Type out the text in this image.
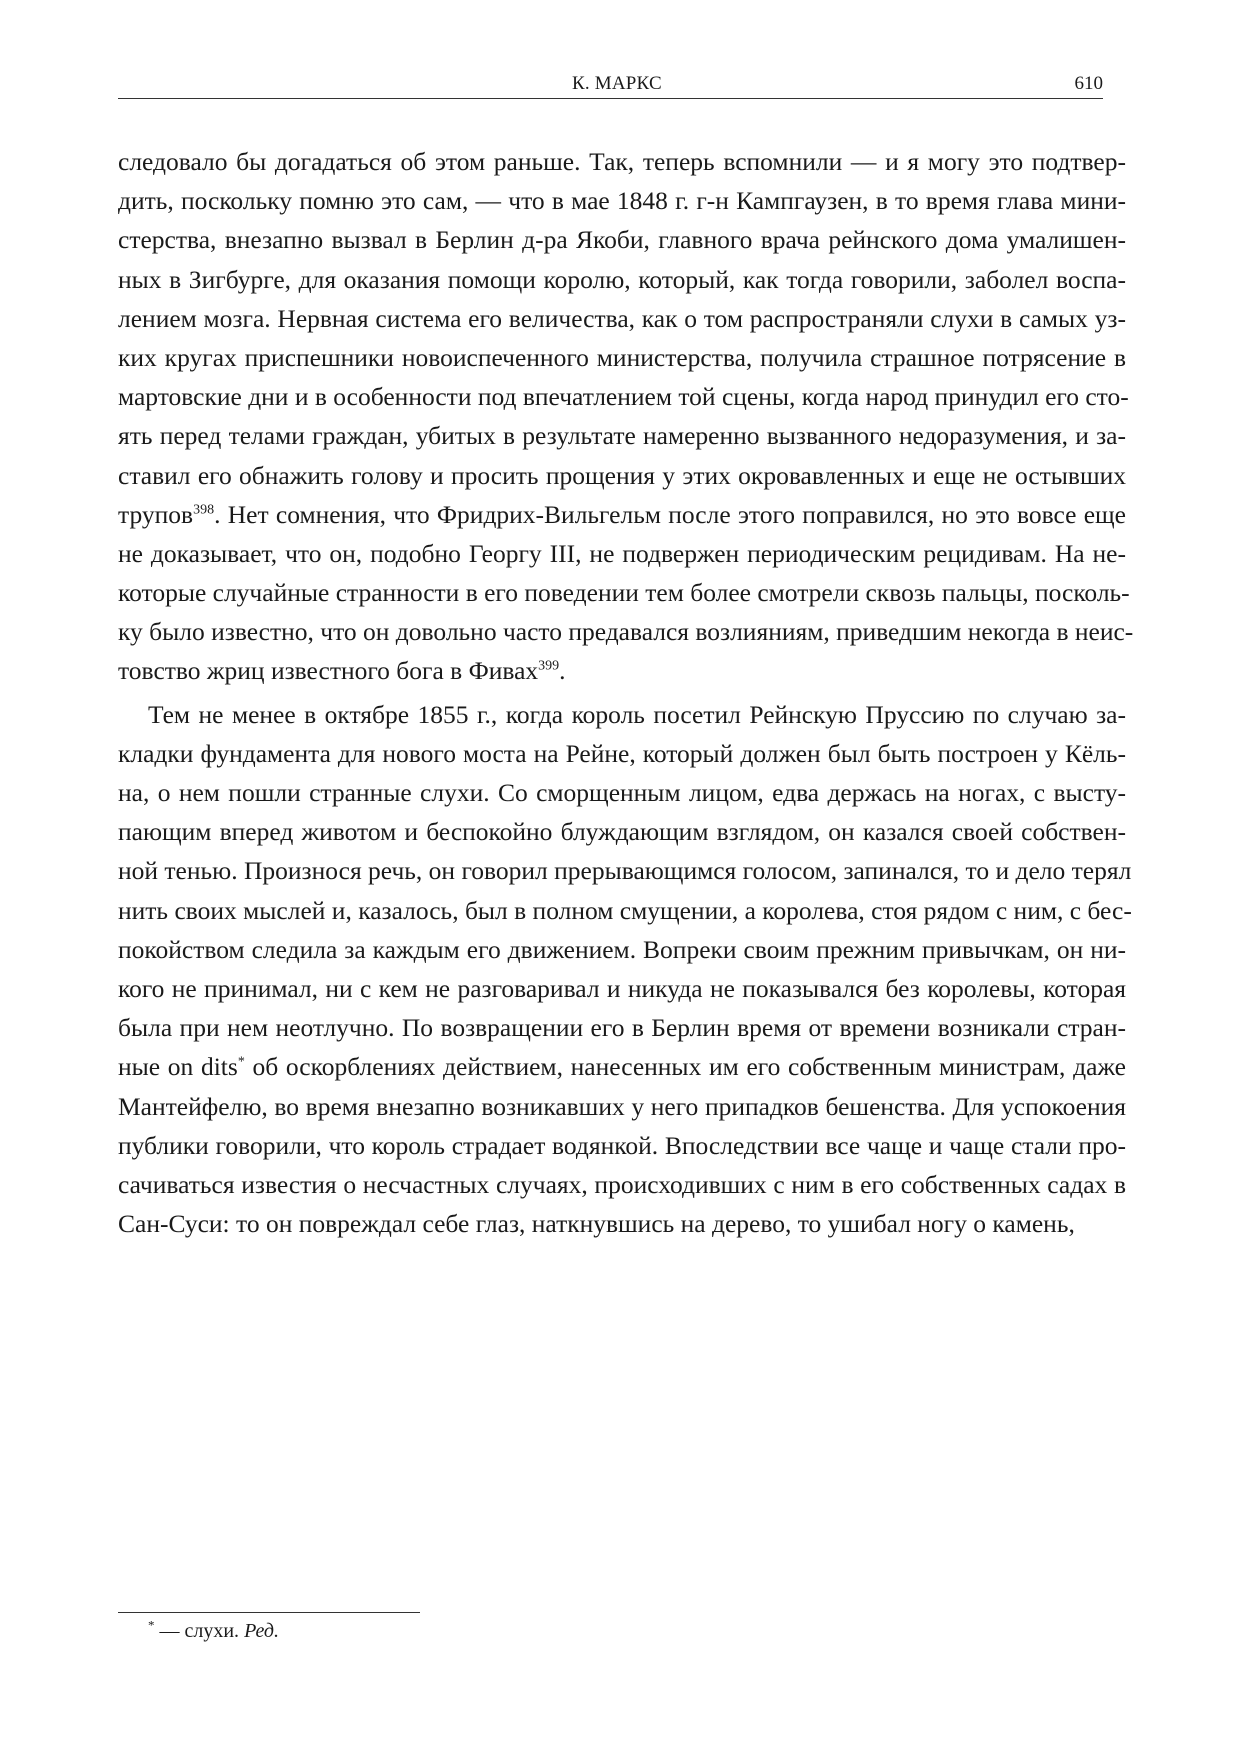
К. МАРКС	610
следовало бы догадаться об этом раньше. Так, теперь вспомнили — и я могу это подтвер-
дить, поскольку помню это сам, — что в мае 1848 г. г-н Кампгаузен, в то время глава мини-
стерства, внезапно вызвал в Берлин д-ра Якоби, главного врача рейнского дома умалишен-
ных в Зигбурге, для оказания помощи королю, который, как тогда говорили, заболел воспа-
лением мозга. Нервная система его величества, как о том распространяли слухи в самых уз-
ких кругах приспешники новоиспеченного министерства, получила страшное потрясение в
мартовские дни и в особенности под впечатлением той сцены, когда народ принудил его сто-
ять перед телами граждан, убитых в результате намеренно вызванного недоразумения, и за-
ставил его обнажить голову и просить прощения у этих окровавленных и еще не остывших
трупов$^{398}$. Нет сомнения, что Фридрих-Вильгельм после этого поправился, но это вовсе еще
не доказывает, что он, подобно Георгу III, не подвержен периодическим рецидивам. На не-
которые случайные странности в его поведении тем более смотрели сквозь пальцы, посколь-
ку было известно, что он довольно часто предавался возлияниям, приведшим некогда в неис-
товство жриц известного бога в Фивах$^{399}$.
Тем не менее в октябре 1855 г., когда король посетил Рейнскую Пруссию по случаю за-
кладки фундамента для нового моста на Рейне, который должен был быть построен у Кёль-
на, о нем пошли странные слухи. Со сморщенным лицом, едва держась на ногах, с высту-
пающим вперед животом и беспокойно блуждающим взглядом, он казался своей собствен-
ной тенью. Произнося речь, он говорил прерывающимся голосом, запинался, то и дело терял
нить своих мыслей и, казалось, был в полном смущении, а королева, стоя рядом с ним, с бес-
покойством следила за каждым его движением. Вопреки своим прежним привычкам, он ни-
кого не принимал, ни с кем не разговаривал и никуда не показывался без королевы, которая
была при нем неотлучно. По возвращении его в Берлин время от времени возникали стран-
ные on dits* об оскорблениях действием, нанесенных им его собственным министрам, даже
Мантейфелю, во время внезапно возникавших у него припадков бешенства. Для успокоения
публики говорили, что король страдает водянкой. Впоследствии все чаще и чаще стали про-
сачиваться известия о несчастных случаях, происходивших с ним в его собственных садах в
Сан-Суси: то он повреждал себе глаз, наткнувшись на дерево, то ушибал ногу о камень,
* — слухи. Ред.
